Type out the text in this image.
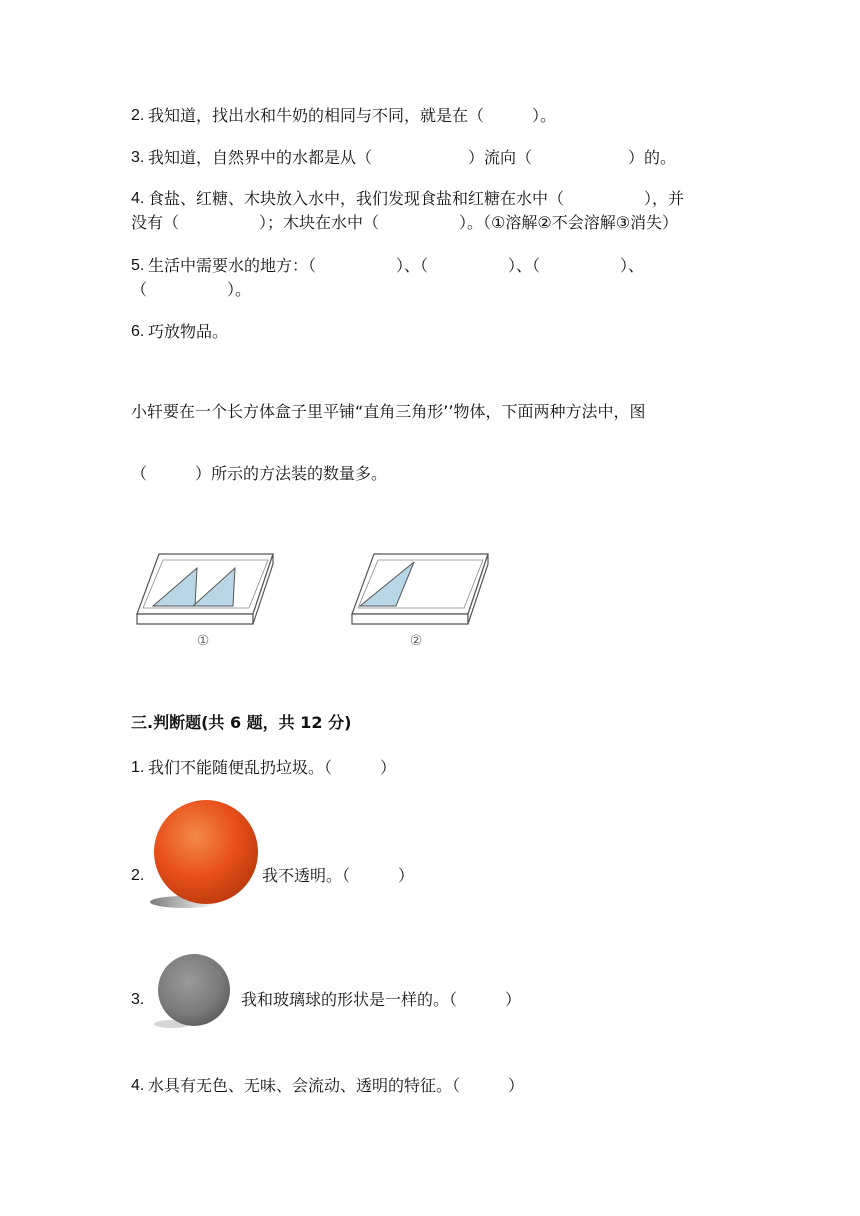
2. 我知道，找出水和牛奶的相同与不同，就是在（　　　）。
3. 我知道，自然界中的水都是从（　　　　　　）流向（　　　　　　）的。
4. 食盐、红糖、木块放入水中，我们发现食盐和红糖在水中（　　　　　），并
没有（　　　　　）；木块在水中（　　　　　）。（①溶解②不会溶解③消失）
5. 生活中需要水的地方：（　　　　　）、（　　　　　）、（　　　　　）、
（　　　　　）。
6. 巧放物品。
小轩要在一个长方体盒子里平铺“直角三角形’’物体，下面两种方法中，图
（　　　）所示的方法装的数量多。
①	②
三.判断题(共 6 题，共 12 分)
1. 我们不能随便乱扔垃圾。（　　　）
2.	我不透明。（　　　）
3.	我和玻璃球的形状是一样的。（　　　）
4. 水具有无色、无味、会流动、透明的特征。（　　　）
